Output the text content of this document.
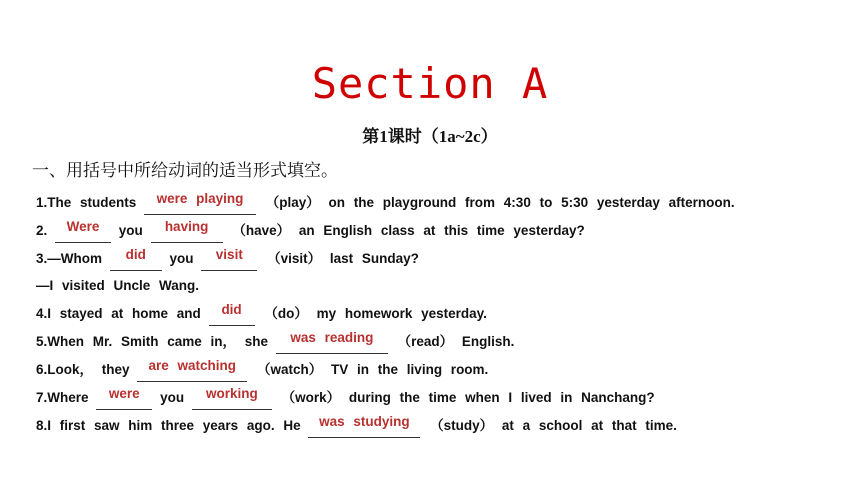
Section A
第1课时（1a~2c）
一、用括号中所给动词的适当形式填空。
1.The students were playing （play） on the playground from 4:30 to 5:30 yesterday afternoon.
2. Were you having （have） an English class at this time yesterday?
3.—Whom did you visit （visit） last Sunday?
—I visited Uncle Wang.
4.I stayed at home and did （do） my homework yesterday.
5.When Mr. Smith came in， she was reading （read） English.
6.Look， they are watching （watch） TV in the living room.
7.Where were you working （work） during the time when I lived in Nanchang?
8.I first saw him three years ago. He was studying （study） at a school at that time.
